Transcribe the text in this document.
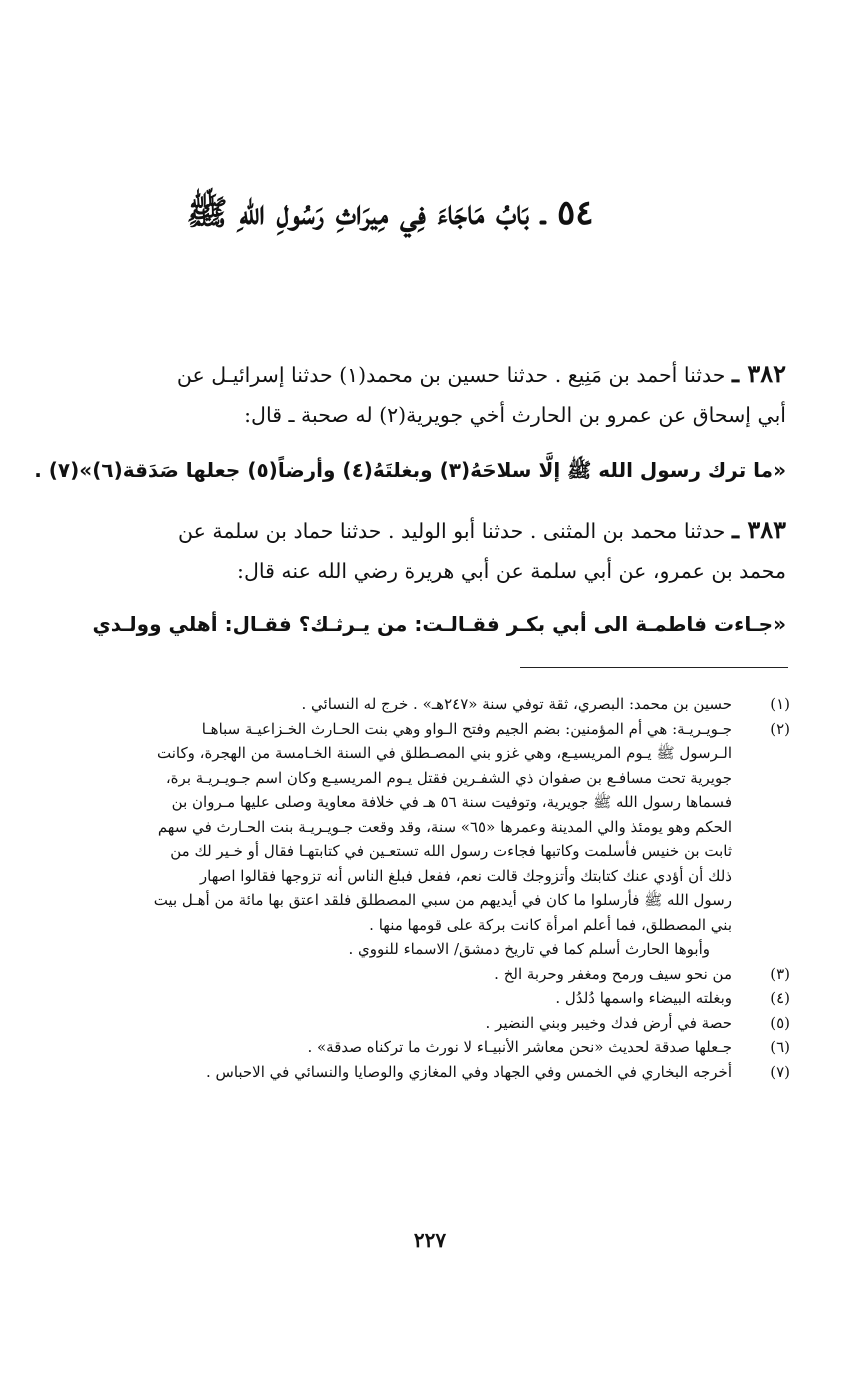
٥٤ ـ بَابُ مَاجَاءَ فِي مِيرَاثِ رَسُولِ اللهِ ﷺ
٣٨٢ ـ حدثنا أحمد بن مَنِيع . حدثنا حسين بن محمد(١) حدثنا إسرائيـل عن
أبي إسحاق عن عمرو بن الحارث أخي جويرية(٢) له صحبة ـ قال:
«ما ترك رسول الله ﷺ إلَّا سلاحَهُ(٣) وبغلتَهُ(٤) وأرضاً(٥) جعلها صَدَقة(٦)»(٧) .
٣٨٣ ـ حدثنا محمد بن المثنى . حدثنا أبو الوليد . حدثنا حماد بن سلمة عن
محمد بن عمرو، عن أبي سلمة عن أبي هريرة رضي الله عنه قال:
«جـاءت فاطمـة الى أبي بكـر فقـالـت: من يـرثـك؟ فقـال: أهلي وولـدي
(١)
حسين بن محمد: البصري، ثقة توفي سنة «٢٤٧هـ» . خرج له النسائي .
(٢)
جـويـريـة: هي أم المؤمنين: بضم الجيم وفتح الـواو وهي بنت الحـارث الخـزاعيـة سباهـا
الـرسول ﷺ يـوم المريسيـع، وهي غزو بني المصـطلق في السنة الخـامسة من الهجرة، وكانت
جويرية تحت مسافـع بن صفوان ذي الشفـرين فقتل يـوم المريسيـع وكان اسم جـويـريـة برة،
فسماها رسول الله ﷺ جويرية، وتوفيت سنة ٥٦ هـ في خلافة معاوية وصلى عليها مـروان بن
الحكم وهو يومئذ والي المدينة وعمرها «٦٥» سنة، وقد وقعت جـويـريـة بنت الحـارث في سهم
ثابت بن خنيس فأسلمت وكاتبها فجاءت رسول الله تستعـين في كتابتهـا فقال أو خـير لك من
ذلك أن أؤدي عنك كتابتك وأتزوجك قالت نعم، ففعل فبلغ الناس أنه تزوجها فقالوا اصهار
رسول الله ﷺ فأرسلوا ما كان في أيديهم من سبي المصطلق فلقد اعتق بها مائة من أهـل بيت
بني المصطلق، فما أعلم امرأة كانت بركة على قومها منها .
وأبوها الحارث أسلم كما في تاريخ دمشق/ الاسماء للنووي .
(٣)
من نحو سيف ورمح ومغفر وحربة الخ .
(٤)
وبغلته البيضاء واسمها دُلدُل .
(٥)
حصة في أرض فدك وخيبر وبني النضير .
(٦)
جـعلها صدقة لحديث «نحن معاشر الأنبيـاء لا نورث ما تركناه صدقة» .
(٧)
أخرجه البخاري في الخمس وفي الجهاد وفي المغازي والوصايا والنسائي في الاحباس .
٢٢٧
